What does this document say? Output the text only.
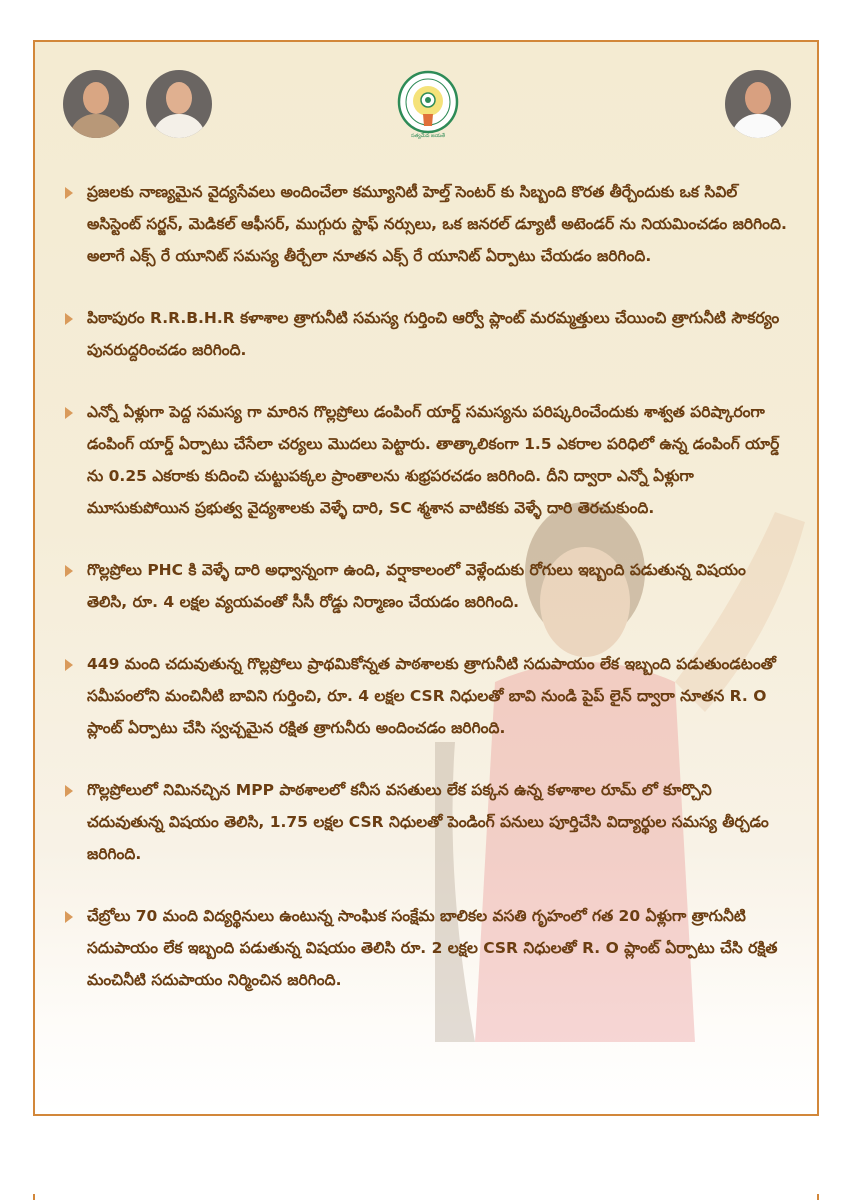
సత్యమేవ జయతే
ప్రజలకు నాణ్యమైన వైద్యసేవలు అందించేలా కమ్యూనిటీ హెల్త్ సెంటర్ కు సిబ్బంది కొరత తీర్చేందుకు ఒక సివిల్ అసిస్టెంట్ సర్జన్, మెడికల్ ఆఫీసర్, ముగ్గురు స్టాఫ్ నర్సులు, ఒక జనరల్ డ్యూటీ అటెండర్ ను నియమించడం జరిగింది. అలాగే ఎక్స్ రే యూనిట్ సమస్య తీర్చేలా నూతన ఎక్స్ రే యూనిట్ ఏర్పాటు చేయడం జరిగింది.
పిఠాపురం R.R.B.H.R కళాశాల త్రాగునీటి సమస్య గుర్తించి ఆర్వో ప్లాంట్ మరమ్మత్తులు చేయించి త్రాగునీటి సౌకర్యం పునరుద్దరించడం జరిగింది.
ఎన్నో ఏళ్లుగా పెద్ద సమస్య గా మారిన గొల్లప్రోలు డంపింగ్ యార్డ్ సమస్యను పరిష్కరించేందుకు శాశ్వత పరిష్కారంగా డంపింగ్ యార్డ్ ఏర్పాటు చేసేలా చర్యలు మొదలు పెట్టారు. తాత్కాలికంగా 1.5 ఎకరాల పరిధిలో ఉన్న డంపింగ్ యార్డ్ ను 0.25 ఎకరాకు కుదించి చుట్టుపక్కల ప్రాంతాలను శుభ్రపరచడం జరిగింది. దీని ద్వారా ఎన్నో ఏళ్లుగా మూసుకుపోయిన ప్రభుత్వ వైద్యశాలకు వెళ్ళే దారి, SC శ్మశాన వాటికకు వెళ్ళే దారి తెరచుకుంది.
గొల్లప్రోలు PHC కి వెళ్ళే దారి అధ్వాన్నంగా ఉంది, వర్షాకాలంలో వెళ్లేందుకు రోగులు ఇబ్బంది పడుతున్న విషయం తెలిసి, రూ. 4 లక్షల వ్యయవంతో సీసీ రోడ్డు నిర్మాణం చేయడం జరిగింది.
449 మంది చదువుతున్న గొల్లప్రోలు ప్రాథమికోన్నత పాఠశాలకు త్రాగునీటి సదుపాయం లేక ఇబ్బంది పడుతుండటంతో సమీపంలోని మంచినీటి బావిని గుర్తించి, రూ. 4 లక్షల CSR నిధులతో బావి నుండి పైప్ లైన్ ద్వారా నూతన R. O ప్లాంట్ ఏర్పాటు చేసి స్వచ్చమైన రక్షిత త్రాగునీరు అందించడం జరిగింది.
గొల్లప్రోలులో నిమినచ్చిన MPP పాఠశాలలో కనీస వసతులు లేక పక్కన ఉన్న కళాశాల రూమ్ లో కూర్చొని చదువుతున్న విషయం తెలిసి, 1.75 లక్షల CSR నిధులతో పెండింగ్ పనులు పూర్తిచేసి విద్యార్థుల సమస్య తీర్చడం జరిగింది.
చేబ్రోలు 70 మంది విద్యర్థినులు ఉంటున్న సాంఘిక సంక్షేమ బాలికల వసతి గృహంలో గత 20 ఏళ్లుగా త్రాగునీటి సదుపాయం లేక ఇబ్బంది పడుతున్న విషయం తెలిసి రూ. 2 లక్షల CSR నిధులతో R. O ప్లాంట్ ఏర్పాటు చేసి రక్షిత మంచినీటి సదుపాయం నిర్మించిన జరిగింది.
